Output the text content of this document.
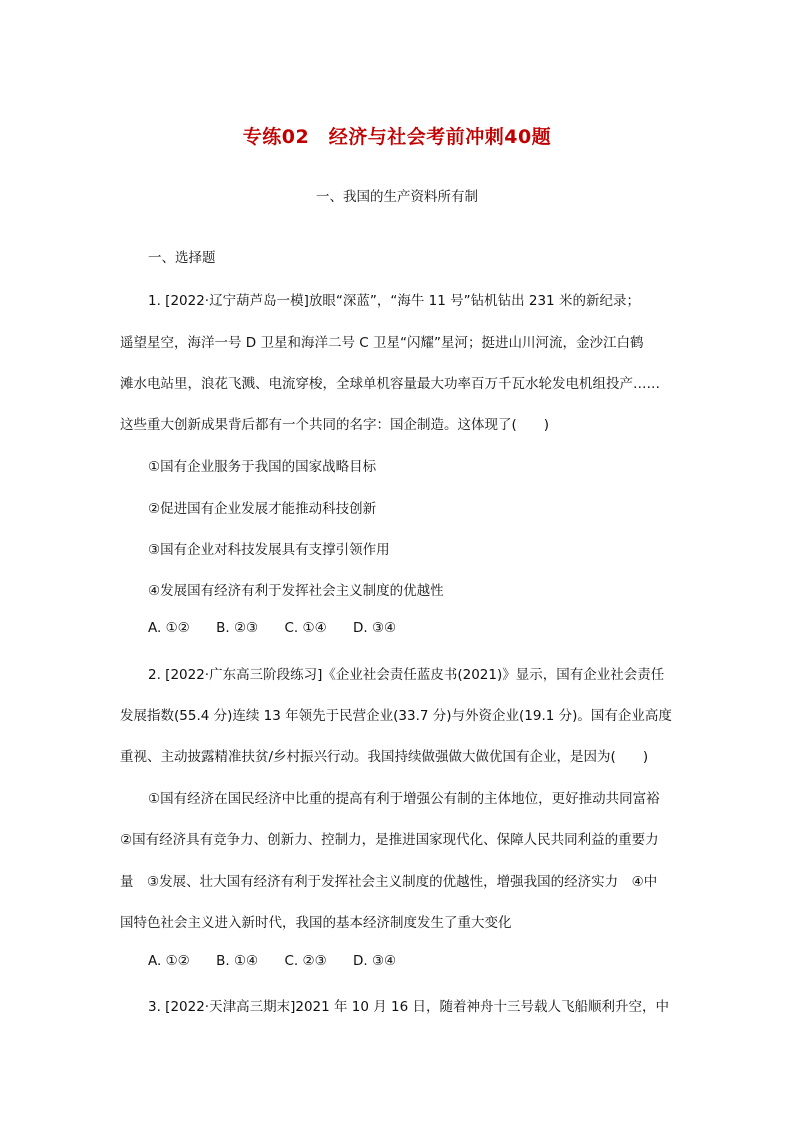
专练02　经济与社会考前冲刺40题
一、我国的生产资料所有制
一、选择题
1. [2022·辽宁葫芦岛一模]放眼“深蓝”，“海牛 11 号”钻机钻出 231 米的新纪录；
遥望星空，海洋一号 D 卫星和海洋二号 C 卫星“闪耀”星河；挺进山川河流，金沙江白鹤
滩水电站里，浪花飞溅、电流穿梭，全球单机容量最大功率百万千瓦水轮发电机组投产……
这些重大创新成果背后都有一个共同的名字：国企制造。这体现了(　　)
①国有企业服务于我国的国家战略目标
②促进国有企业发展才能推动科技创新
③国有企业对科技发展具有支撑引领作用
④发展国有经济有利于发挥社会主义制度的优越性
A. ①② B. ②③ C. ①④ D. ③④
2. [2022·广东高三阶段练习]《企业社会责任蓝皮书(2021)》显示，国有企业社会责任
发展指数(55.4 分)连续 13 年领先于民营企业(33.7 分)与外资企业(19.1 分)。国有企业高度
重视、主动披露精准扶贫/乡村振兴行动。我国持续做强做大做优国有企业，是因为(　　)
①国有经济在国民经济中比重的提高有利于增强公有制的主体地位，更好推动共同富裕
②国有经济具有竞争力、创新力、控制力，是推进国家现代化、保障人民共同利益的重要力
量　③发展、壮大国有经济有利于发挥社会主义制度的优越性，增强我国的经济实力　④中
国特色社会主义进入新时代，我国的基本经济制度发生了重大变化
A. ①② B. ①④ C. ②③ D. ③④
3. [2022·天津高三期末]2021 年 10 月 16 日，随着神舟十三号载人飞船顺利升空，中
